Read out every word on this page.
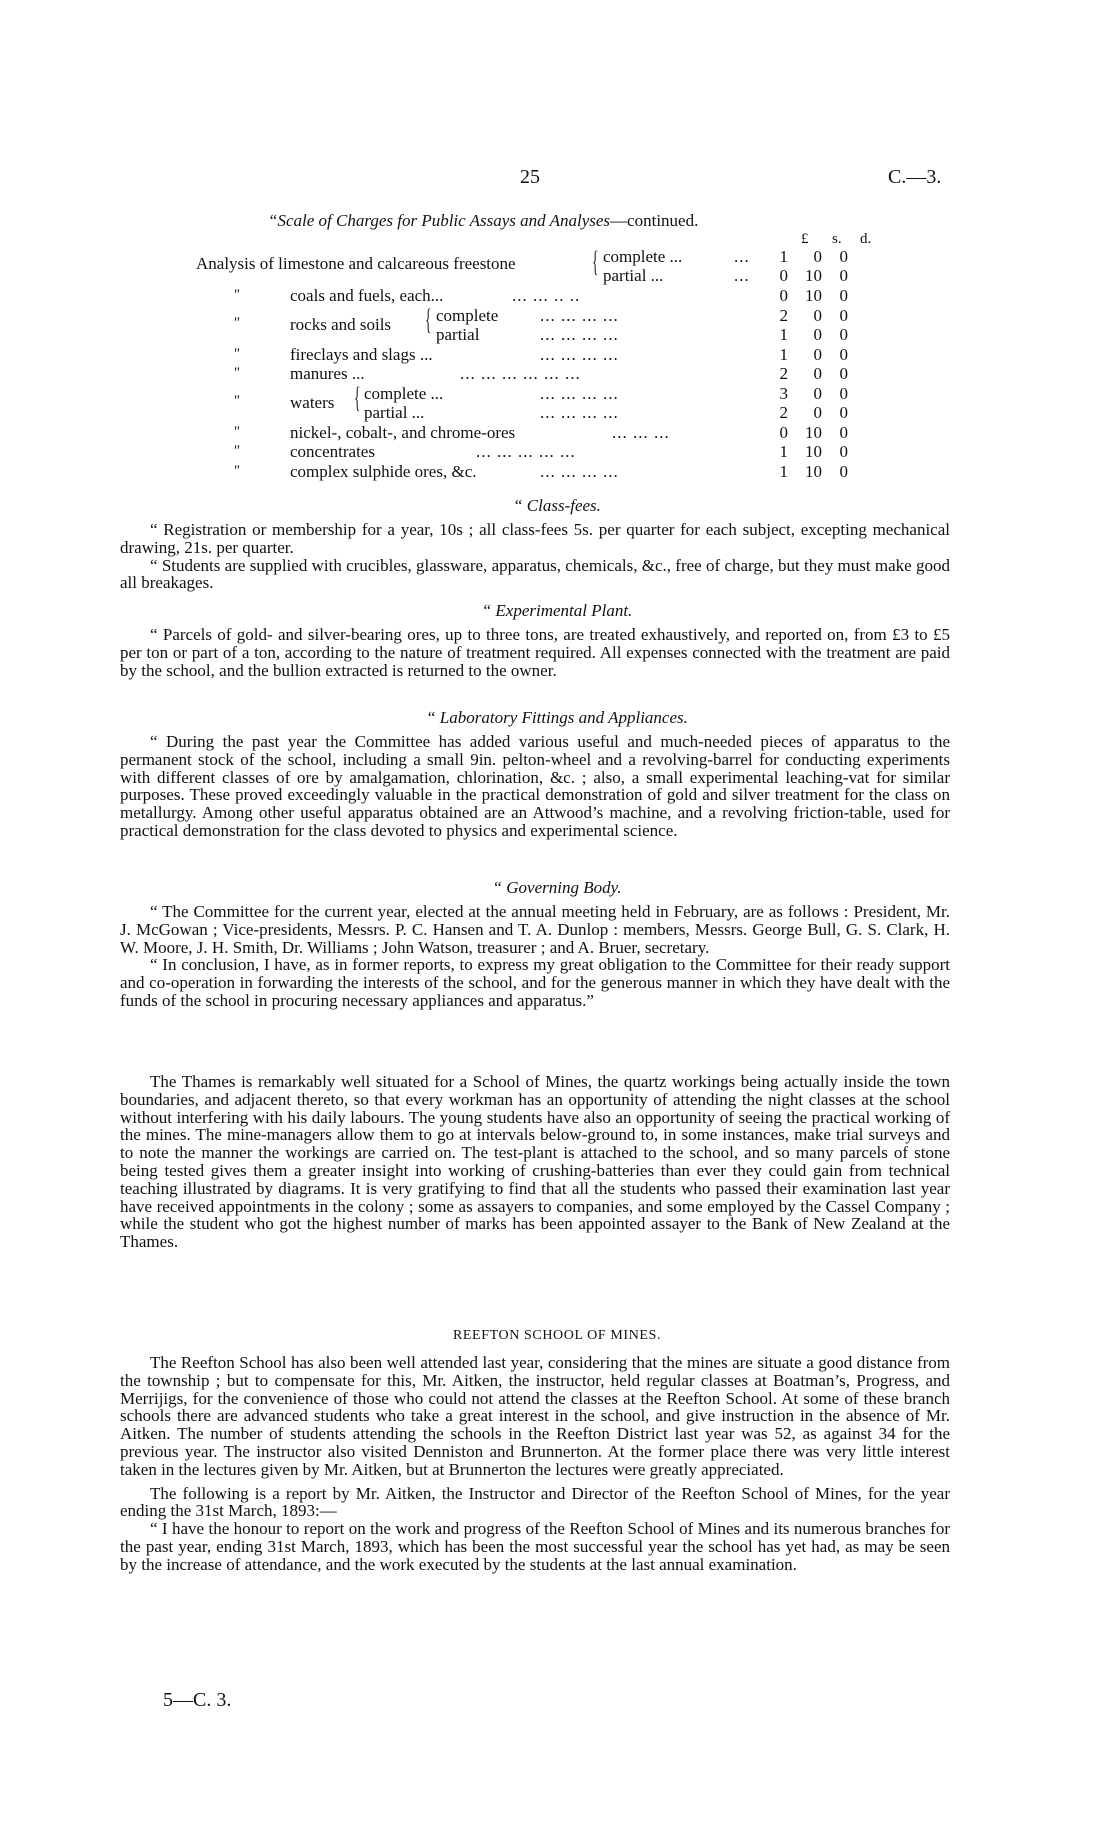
25	C.—3.
“Scale of Charges for Public Assays and Analyses—continued.
£ s. d.
Analysis of limestone and calcareous freestone	{ complete ...	...	1	0	0
partial ...	...	0	10	0
"	coals and fuels, each...	... ... .. ..	0	10	0
{
"	rocks and soils	complete ... ... ... ...	2	0	0
partial	... ... ... ...	1	0	0
"	fireclays and slags ...	... ... ... ...	1	0	0
"	manures ...	... ... ... ... ... ...	2	0	0
{
"	waters complete ...	... ... ... ...	3	0	0
partial ...	... ... ... ...	2	0	0
"	nickel-, cobalt-, and chrome-ores	... ... ...	0	10	0
"	concentrates	... ... ... ... ...	1	10	0
"	complex sulphide ores, &c.	... ... ... ...	1	10	0
“ Class-fees.

“ Registration or membership for a year, 10s ; all class-fees 5s. per quarter for each subject, excepting mechanical drawing, 21s. per quarter.

“ Students are supplied with crucibles, glassware, apparatus, chemicals, &c., free of charge, but they must make good all breakages.

“ Experimental Plant.

“ Parcels of gold- and silver-bearing ores, up to three tons, are treated exhaustively, and reported on, from £3 to £5 per ton or part of a ton, according to the nature of treatment required. All expenses connected with the treatment are paid by the school, and the bullion extracted is returned to the owner.

“ Laboratory Fittings and Appliances.

“ During the past year the Committee has added various useful and much-needed pieces of apparatus to the permanent stock of the school, including a small 9in. pelton-wheel and a revolving-barrel for conducting experiments with different classes of ore by amalgamation, chlorination, &c. ; also, a small experimental leaching-vat for similar purposes. These proved exceedingly valuable in the practical demonstration of gold and silver treatment for the class on metallurgy. Among other useful apparatus obtained are an Attwood’s machine, and a revolving friction-table, used for practical demonstration for the class devoted to physics and experimental science.

“ Governing Body.

“ The Committee for the current year, elected at the annual meeting held in February, are as follows : President, Mr. J. McGowan ; Vice-presidents, Messrs. P. C. Hansen and T. A. Dunlop : members, Messrs. George Bull, G. S. Clark, H. W. Moore, J. H. Smith, Dr. Williams ; John Watson, treasurer ; and A. Bruer, secretary.

“ In conclusion, I have, as in former reports, to express my great obligation to the Committee for their ready support and co-operation in forwarding the interests of the school, and for the generous manner in which they have dealt with the funds of the school in procuring necessary appliances and apparatus.”

The Thames is remarkably well situated for a School of Mines, the quartz workings being actually inside the town boundaries, and adjacent thereto, so that every workman has an opportunity of attending the night classes at the school without interfering with his daily labours. The young students have also an opportunity of seeing the practical working of the mines. The mine-managers allow them to go at intervals below-ground to, in some instances, make trial surveys and to note the manner the workings are carried on. The test-plant is attached to the school, and so many parcels of stone being tested gives them a greater insight into working of crushing-batteries than ever they could gain from technical teaching illustrated by diagrams. It is very gratifying to find that all the students who passed their examination last year have received appointments in the colony ; some as assayers to companies, and some employed by the Cassel Company ; while the student who got the highest number of marks has been appointed assayer to the Bank of New Zealand at the Thames.

REEFTON SCHOOL OF MINES.

The Reefton School has also been well attended last year, considering that the mines are situate a good distance from the township ; but to compensate for this, Mr. Aitken, the instructor, held regular classes at Boatman’s, Progress, and Merrijigs, for the convenience of those who could not attend the classes at the Reefton School. At some of these branch schools there are advanced students who take a great interest in the school, and give instruction in the absence of Mr. Aitken. The number of students attending the schools in the Reefton District last year was 52, as against 34 for the previous year. The instructor also visited Denniston and Brunnerton. At the former place there was very little interest taken in the lectures given by Mr. Aitken, but at Brunnerton the lectures were greatly appreciated.

The following is a report by Mr. Aitken, the Instructor and Director of the Reefton School of Mines, for the year ending the 31st March, 1893:—

“ I have the honour to report on the work and progress of the Reefton School of Mines and its numerous branches for the past year, ending 31st March, 1893, which has been the most successful year the school has yet had, as may be seen by the increase of attendance, and the work executed by the students at the last annual examination.

5—C. 3.
